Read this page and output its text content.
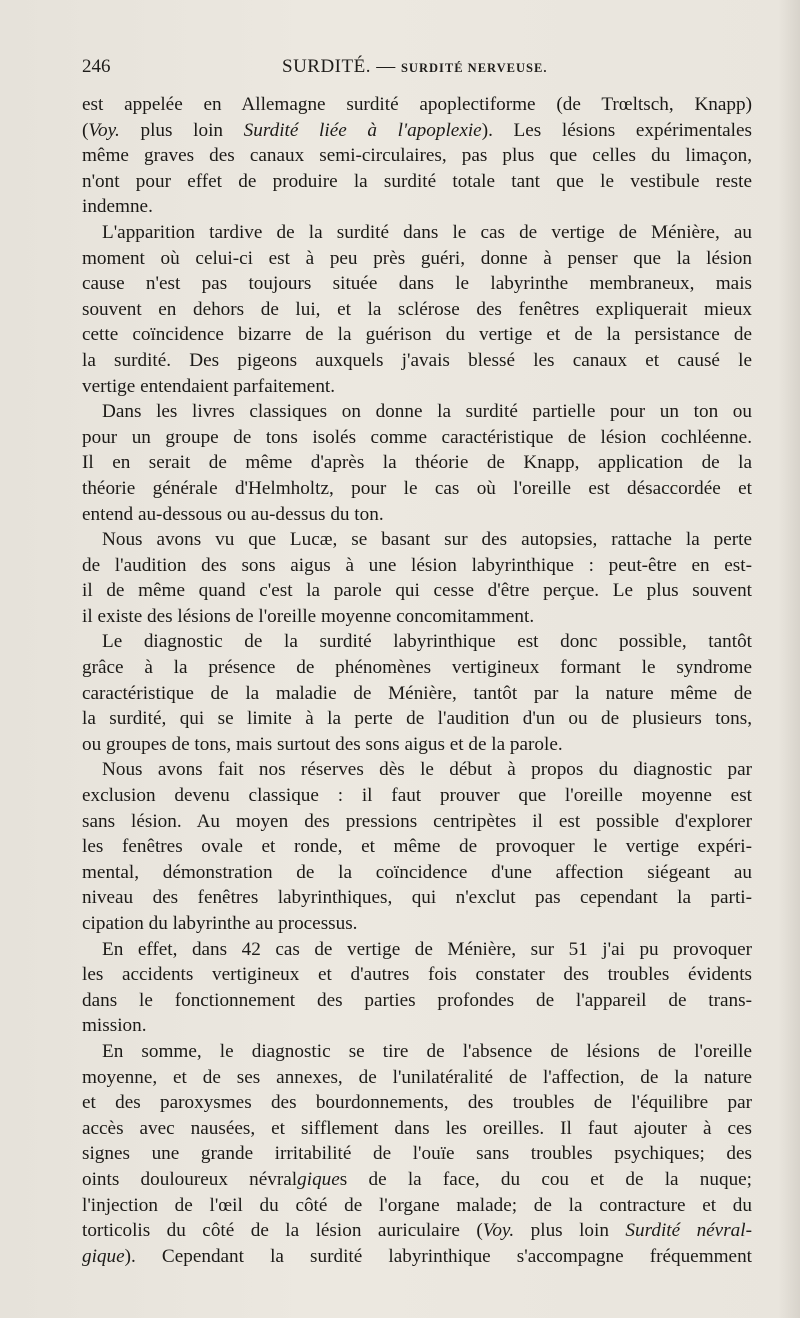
246	SURDITÉ. — SURDITÉ NERVEUSE.
est appelée en Allemagne surdité apoplectiforme (de Trœltsch, Knapp)
(Voy. plus loin Surdité liée à l'apoplexie). Les lésions expérimentales
même graves des canaux semi-circulaires, pas plus que celles du limaçon,
n'ont pour effet de produire la surdité totale tant que le vestibule reste
indemne.
L'apparition tardive de la surdité dans le cas de vertige de Ménière, au
moment où celui-ci est à peu près guéri, donne à penser que la lésion
cause n'est pas toujours située dans le labyrinthe membraneux, mais
souvent en dehors de lui, et la sclérose des fenêtres expliquerait mieux
cette coïncidence bizarre de la guérison du vertige et de la persistance de
la surdité. Des pigeons auxquels j'avais blessé les canaux et causé le
vertige entendaient parfaitement.
Dans les livres classiques on donne la surdité partielle pour un ton ou
pour un groupe de tons isolés comme caractéristique de lésion cochléenne.
Il en serait de même d'après la théorie de Knapp, application de la
théorie générale d'Helmholtz, pour le cas où l'oreille est désaccordée et
entend au-dessous ou au-dessus du ton.
Nous avons vu que Lucæ, se basant sur des autopsies, rattache la perte
de l'audition des sons aigus à une lésion labyrinthique : peut-être en est-
il de même quand c'est la parole qui cesse d'être perçue. Le plus souvent
il existe des lésions de l'oreille moyenne concomitamment.
Le diagnostic de la surdité labyrinthique est donc possible, tantôt
grâce à la présence de phénomènes vertigineux formant le syndrome
caractéristique de la maladie de Ménière, tantôt par la nature même de
la surdité, qui se limite à la perte de l'audition d'un ou de plusieurs tons,
ou groupes de tons, mais surtout des sons aigus et de la parole.
Nous avons fait nos réserves dès le début à propos du diagnostic par
exclusion devenu classique : il faut prouver que l'oreille moyenne est
sans lésion. Au moyen des pressions centripètes il est possible d'explorer
les fenêtres ovale et ronde, et même de provoquer le vertige expéri-
mental, démonstration de la coïncidence d'une affection siégeant au
niveau des fenêtres labyrinthiques, qui n'exclut pas cependant la parti-
cipation du labyrinthe au processus.
En effet, dans 42 cas de vertige de Ménière, sur 51 j'ai pu provoquer
les accidents vertigineux et d'autres fois constater des troubles évidents
dans le fonctionnement des parties profondes de l'appareil de trans-
mission.
En somme, le diagnostic se tire de l'absence de lésions de l'oreille
moyenne, et de ses annexes, de l'unilatéralité de l'affection, de la nature
et des paroxysmes des bourdonnements, des troubles de l'équilibre par
accès avec nausées, et sifflement dans les oreilles. Il faut ajouter à ces
signes une grande irritabilité de l'ouïe sans troubles psychiques; des
oints douloureux névralgiques de la face, du cou et de la nuque;
l'injection de l'œil du côté de l'organe malade; de la contracture et du
torticolis du côté de la lésion auriculaire (Voy. plus loin Surdité névral-
gique). Cependant la surdité labyrinthique s'accompagne fréquemment
